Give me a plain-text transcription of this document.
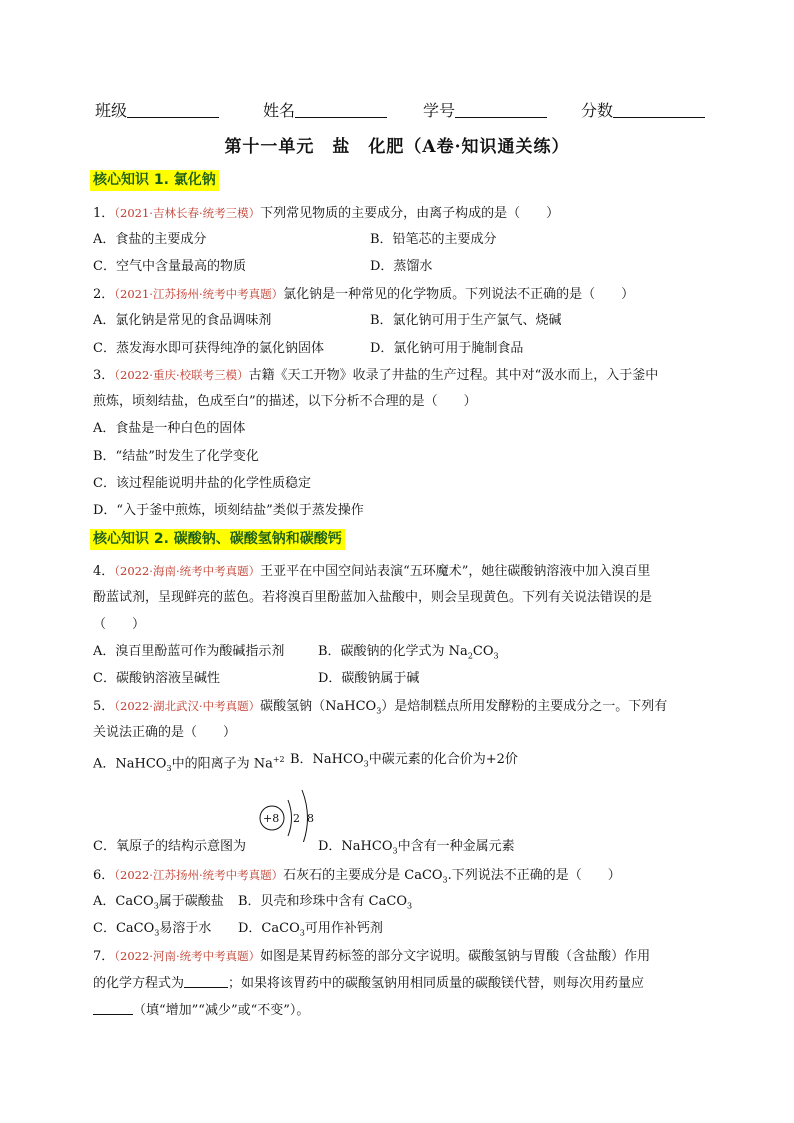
班级	姓名	学号	分数
第十一单元　盐　化肥（A卷·知识通关练）
核心知识 1. 氯化钠
1．（2021·吉林长春·统考三模）下列常见物质的主要成分，由离子构成的是（　　）
A．食盐的主要成分	B．铅笔芯的主要成分
C．空气中含量最高的物质	D．蒸馏水
2．（2021·江苏扬州·统考中考真题）氯化钠是一种常见的化学物质。下列说法不正确的是（　　）
A．氯化钠是常见的食品调味剂	B．氯化钠可用于生产氯气、烧碱
C．蒸发海水即可获得纯净的氯化钠固体	D．氯化钠可用于腌制食品
3．（2022·重庆·校联考三模）古籍《天工开物》收录了井盐的生产过程。其中对“汲水而上，入于釜中
煎炼，顷刻结盐，色成至白”的描述，以下分析不合理的是（　　）
A．食盐是一种白色的固体
B．“结盐”时发生了化学变化
C．该过程能说明井盐的化学性质稳定
D．“入于釜中煎炼，顷刻结盐”类似于蒸发操作
核心知识 2. 碳酸钠、碳酸氢钠和碳酸钙
4．（2022·海南·统考中考真题）王亚平在中国空间站表演“五环魔术”，她往碳酸钠溶液中加入溴百里
酚蓝试剂，呈现鲜亮的蓝色。若将溴百里酚蓝加入盐酸中，则会呈现黄色。下列有关说法错误的是
（　　）
A．溴百里酚蓝可作为酸碱指示剂	B．碳酸钠的化学式为 $Na_2CO_3$
C．碳酸钠溶液呈碱性	D．碳酸钠属于碱
5．（2022·湖北武汉·中考真题）碳酸氢钠（NaHCO$_3$）是焙制糕点所用发酵粉的主要成分之一。下列有
关说法正确的是（　　）
A．NaHCO$_3$中的阳离子为 $Na^{+2}$ B．NaHCO$_3$中碳元素的化合价为+2价
+8 2 8
C．氧原子的结构示意图为	D．NaHCO$_3$中含有一种金属元素
6．（2022·江苏扬州·统考中考真题）石灰石的主要成分是 CaCO$_3$.下列说法不正确的是（　　）
A．CaCO$_3$属于碳酸盐 B．贝壳和珍珠中含有 CaCO$_3$
C．CaCO$_3$易溶于水 D．CaCO$_3$可用作补钙剂
7．（2022·河南·统考中考真题）如图是某胃药标签的部分文字说明。碳酸氢钠与胃酸（含盐酸）作用
的化学方程式为	；如果将该胃药中的碳酸氢钠用相同质量的碳酸镁代替，则每次用药量应
（填“增加”“减少”或“不变”）。
